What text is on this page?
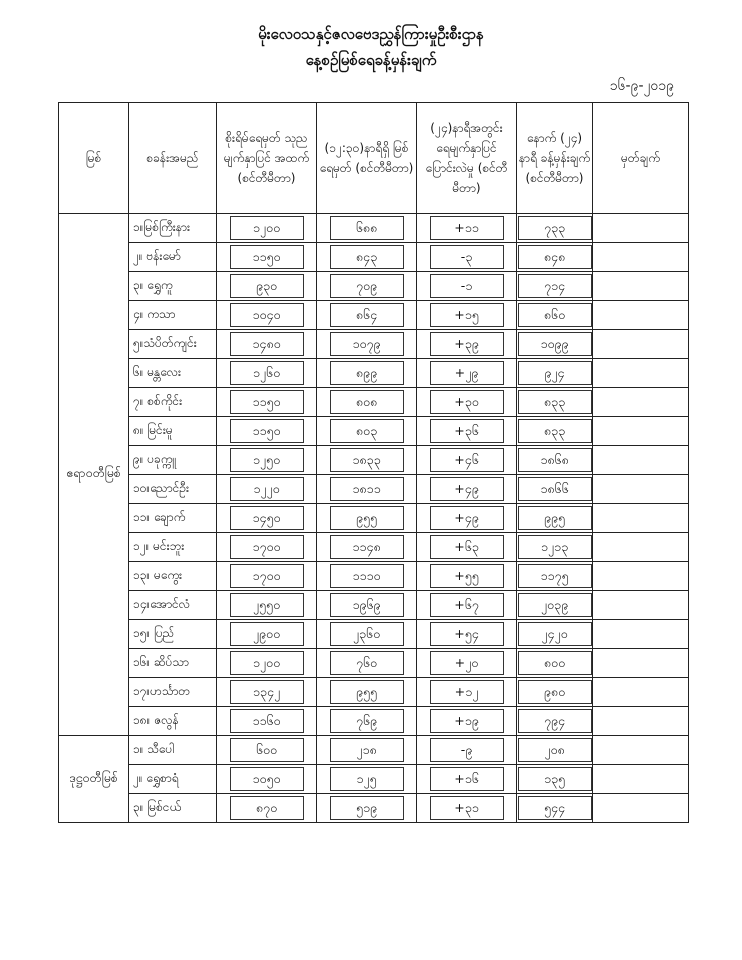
မိုးလေဝသနှင့်ဇလဗေဒညွှန်ကြားမှုဦးစီးဌာန
နေ့စဉ်မြစ်ရေခန့်မှန်းချက်
၁၆-၉-၂၀၁၉
မြစ်	စခန်းအမည်	စိုးရိမ်ရေမှတ် သုညမျက်နှာပြင် အထက် (စင်တီမီတာ)	(၁၂:၃၀)နာရီရှိ မြစ်ရေမှတ် (စင်တီမီတာ)	(၂၄)နာရီအတွင်း ရေမျက်နှာပြင် ပြောင်းလဲမှု (စင်တီမီတာ)	နောက် (၂၄) နာရီ ခန့်မှန်းချက် (စင်တီမီတာ)	မှတ်ချက်
ဧရာဝတီမြစ်	၁။မြစ်ကြီးနား	၁၂၀၀	၆၈၈	+၁၁	၇၃၃	
	၂။ ဗန်းမော်	၁၁၅၀	၈၄၃	-၃	၈၄၈	
	၃။ ရွှေကူ	၉၃၀	၇၀၉	-၁	၇၁၄	
	၄။ ကသာ	၁၀၄၀	၈၆၄	+၁၅	၈၆၀	
	၅။သံပိတ်ကျင်း	၁၄၈၀	၁၀၇၉	+၃၉	၁၀၉၉	
	၆။ မန္တလေး	၁၂၆၀	၈၉၉	+၂၉	၉၂၄	
	၇။ စစ်ကိုင်း	၁၁၅၀	၈၀၈	+၃၀	၈၃၃	
	၈။ မြင်းမူ	၁၁၅၀	၈၀၃	+၃၆	၈၃၃	
	၉။ ပခုက္ကူ	၁၂၅၀	၁၈၃၃	+၄၆	၁၈၆၈	
	၁၀။ညောင်ဦး	၁၂၂၀	၁၈၁၁	+၄၉	၁၈၆၆	
	၁၁။ ချောက်	၁၄၅၀	၉၅၅	+၄၉	၉၉၅	
	၁၂။ မင်းဘူး	၁၇၀၀	၁၁၄၈	+၆၃	၁၂၁၃	
	၁၃။ မကွေး	၁၇၀၀	၁၁၁၀	+၅၅	၁၁၇၅	
	၁၄။အောင်လံ	၂၅၅၀	၁၉၆၉	+၆၇	၂၀၃၉	
	၁၅။ ပြည်	၂၉၀၀	၂၃၆၀	+၅၄	၂၄၂၀	
	၁၆။ ဆိပ်သာ	၁၂၀၀	၇၆၀	+၂၀	၈၀၀	
	၁၇။ဟင်္သာတ	၁၃၄၂	၉၅၅	+၁၂	၉၈၀	
	၁၈။ ဇလွန်	၁၁၆၀	၇၆၉	+၁၉	၇၉၄	
ဒုဋ္ဌဝတီမြစ်	၁။ သီပေါ	၆၀၀	၂၁၈	-၉	၂၀၈	
	၂။ ရွှေစာရံ	၁၀၅၀	၁၂၅	+၁၆	၁၃၅	
	၃။ မြစ်ငယ်	၈၇၀	၅၁၉	+၃၁	၅၄၄	
